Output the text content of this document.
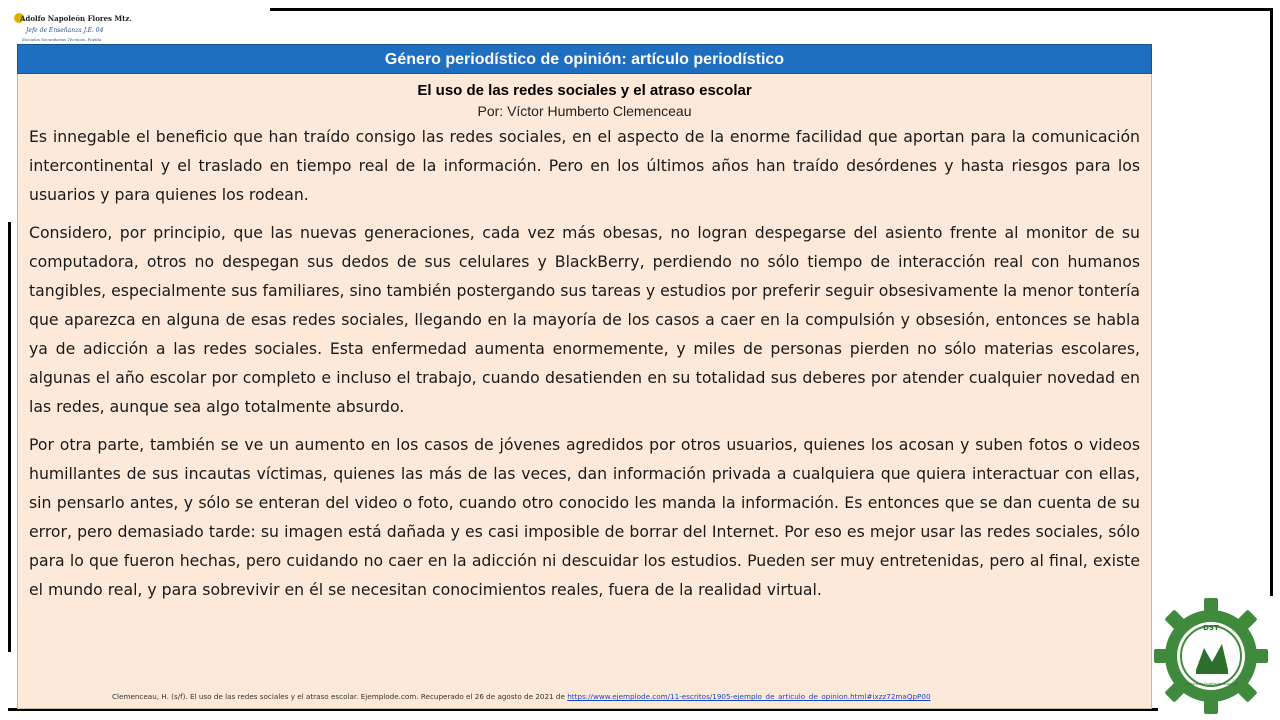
Adolfo Napoleón Flores Mtz.
Jefe de Enseñanza J.E. 04
Escuelas Secundarias Técnicas, Puebla
Género periodístico de opinión: artículo periodístico
El uso de las redes sociales y el atraso escolar
Por: Víctor Humberto Clemenceau

Es innegable el beneficio que han traído consigo las redes sociales, en el aspecto de la enorme facilidad que aportan para la comunicación intercontinental y el traslado en tiempo real de la información. Pero en los últimos años han traído desórdenes y hasta riesgos para los usuarios y para quienes los rodean.

Considero, por principio, que las nuevas generaciones, cada vez más obesas, no logran despegarse del asiento frente al monitor de su computadora, otros no despegan sus dedos de sus celulares y BlackBerry, perdiendo no sólo tiempo de interacción real con humanos tangibles, especialmente sus familiares, sino también postergando sus tareas y estudios por preferir seguir obsesivamente la menor tontería que aparezca en alguna de esas redes sociales, llegando en la mayoría de los casos a caer en la compulsión y obsesión, entonces se habla ya de adicción a las redes sociales. Esta enfermedad aumenta enormemente, y miles de personas pierden no sólo materias escolares, algunas el año escolar por completo e incluso el trabajo, cuando desatienden en su totalidad sus deberes por atender cualquier novedad en las redes, aunque sea algo totalmente absurdo.

Por otra parte, también se ve un aumento en los casos de jóvenes agredidos por otros usuarios, quienes los acosan y suben fotos o videos humillantes de sus incautas víctimas, quienes las más de las veces, dan información privada a cualquiera que quiera interactuar con ellas, sin pensarlo antes, y sólo se enteran del video o foto, cuando otro conocido les manda la información. Es entonces que se dan cuenta de su error, pero demasiado tarde: su imagen está dañada y es casi imposible de borrar del Internet. Por eso es mejor usar las redes sociales, sólo para lo que fueron hechas, pero cuidando no caer en la adicción ni descuidar los estudios. Pueden ser muy entretenidas, pero al final, existe el mundo real, y para sobrevivir en él se necesitan conocimientos reales, fuera de la realidad virtual.

Clemenceau, H. (s/f). El uso de las redes sociales y el atraso escolar. Ejemplode.com. Recuperado el 26 de agosto de 2021 de https://www.ejemplode.com/11-escritos/1905-ejemplo_de_articulo_de_opinion.html#ixzz72maQpP00
DST
Jefatura de Enseñanza Zona 04
